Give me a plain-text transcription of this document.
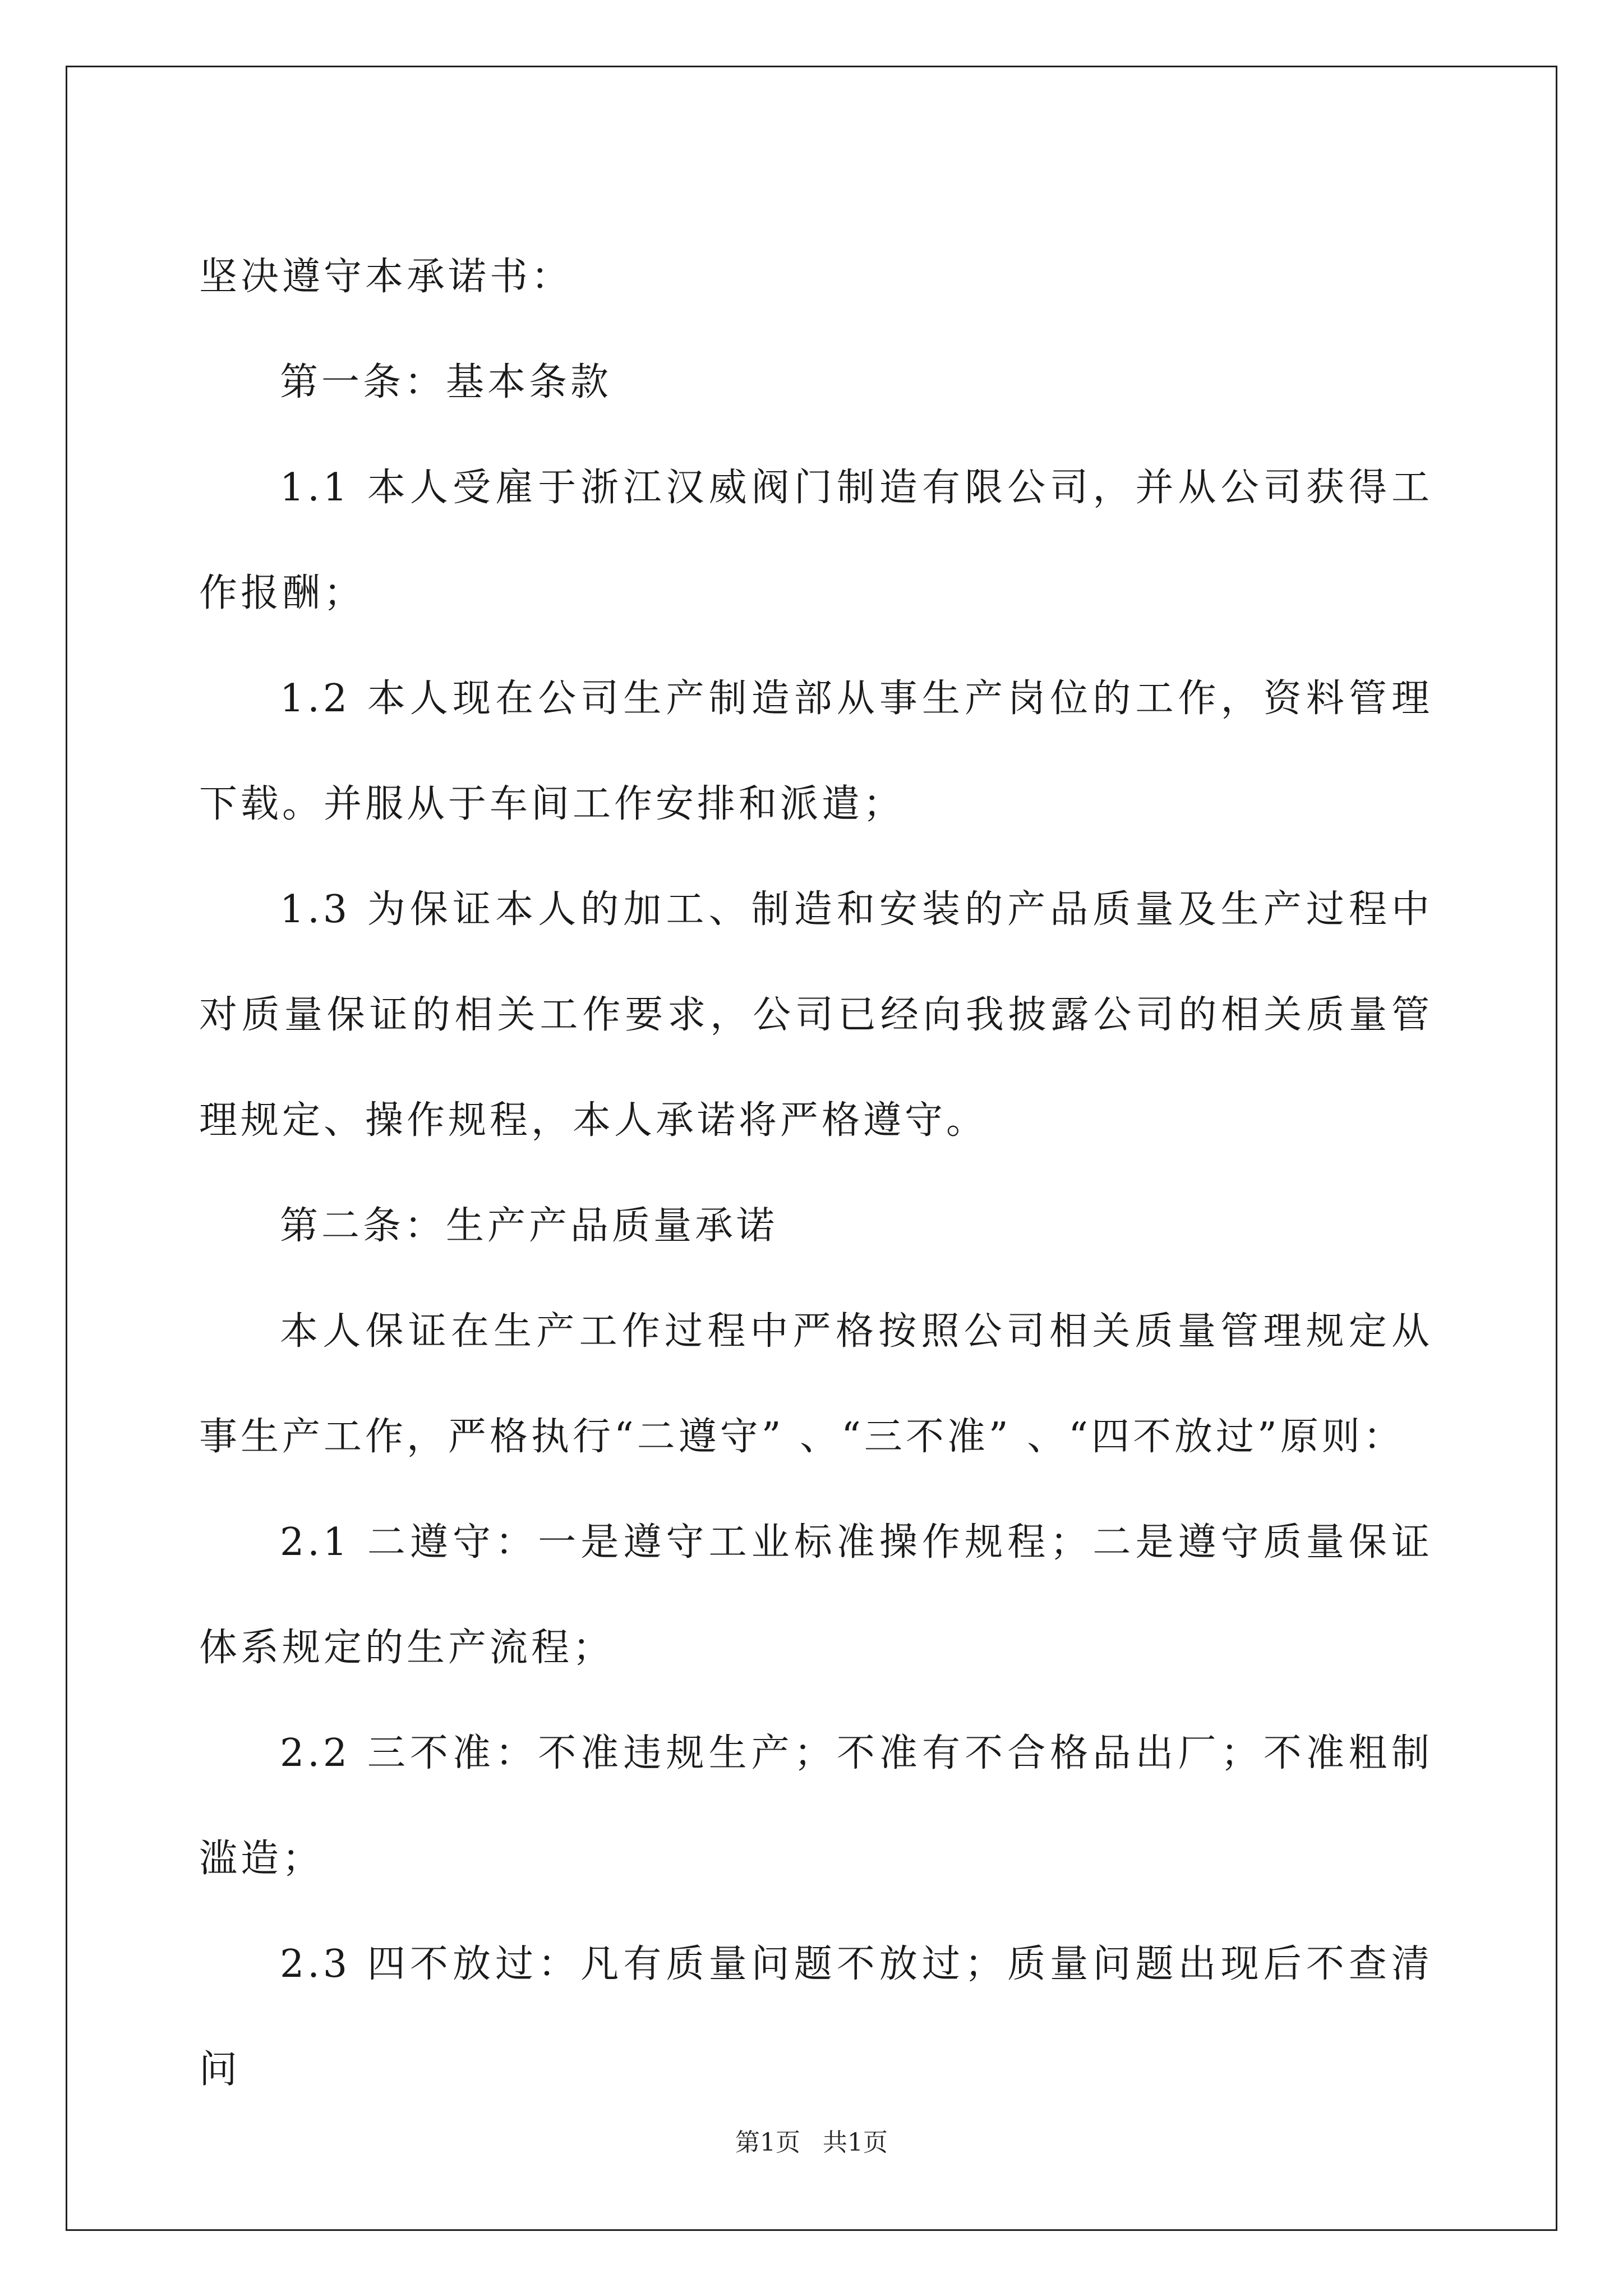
坚决遵守本承诺书：

第一条：基本条款

1.1 本人受雇于浙江汉威阀门制造有限公司，并从公司获得工作报酬；

1.2 本人现在公司生产制造部从事生产岗位的工作，资料管理下载。并服从于车间工作安排和派遣；

1.3 为保证本人的加工、制造和安装的产品质量及生产过程中对质量保证的相关工作要求，公司已经向我披露公司的相关质量管理规定、操作规程，本人承诺将严格遵守。

第二条：生产产品质量承诺

本人保证在生产工作过程中严格按照公司相关质量管理规定从事生产工作，严格执行“二遵守” 、“三不准” 、“四不放过”原则：

2.1 二遵守：一是遵守工业标准操作规程；二是遵守质量保证体系规定的生产流程；

2.2 三不准：不准违规生产；不准有不合格品出厂；不准粗制滥造；

2.3 四不放过：凡有质量问题不放过；质量问题出现后不查清问

第1页 共1页
